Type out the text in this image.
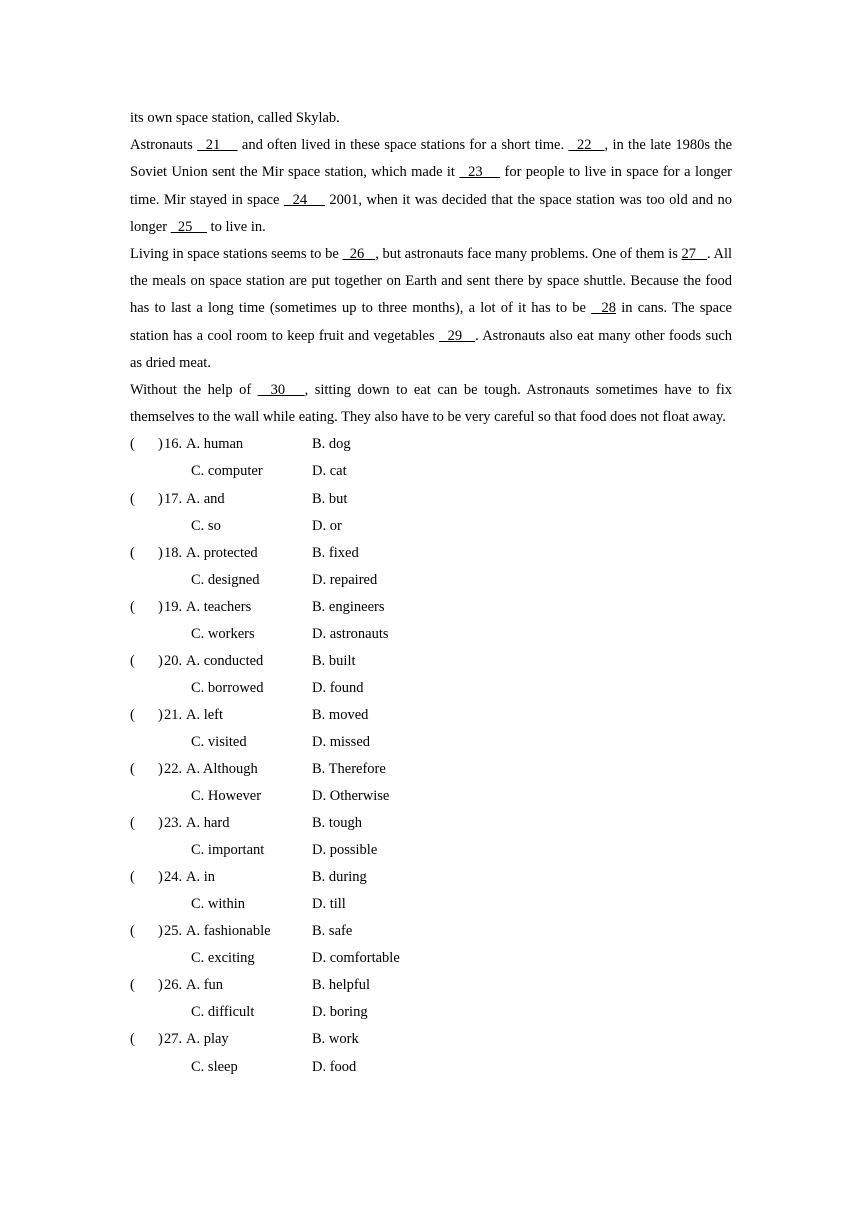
its own space station, called Skylab.

Astronauts   21     and often lived in these space stations for a short time.   22   , in the late 1980s the Soviet Union sent the Mir space station, which made it   23     for people to live in space for a longer time. Mir stayed in space   24     2001, when it was decided that the space station was too old and no longer   25     to live in.

Living in space stations seems to be   26   , but astronauts face many problems. One of them is 27   . All the meals on space station are put together on Earth and sent there by space shuttle. Because the food has to last a long time (sometimes up to three months), a lot of it has to be   28 in cans. The space station has a cool room to keep fruit and vegetables   29   . Astronauts also eat many other foods such as dried meat.

Without the help of   30   , sitting down to eat can be tough. Astronauts sometimes have to fix themselves to the wall while eating. They also have to be very careful so that food does not float away.

( ) 16. A. human	B. dog
C. computer	D. cat
( ) 17. A. and	B. but
C. so	D. or
( ) 18. A. protected	B. fixed
C. designed	D. repaired
( ) 19. A. teachers	B. engineers
C. workers	D. astronauts
( ) 20. A. conducted	B. built
C. borrowed	D. found
( ) 21. A. left	B. moved
C. visited	D. missed
( ) 22. A. Although	B. Therefore
C. However	D. Otherwise
( ) 23. A. hard	B. tough
C. important	D. possible
( ) 24. A. in	B. during
C. within	D. till
( ) 25. A. fashionable	B. safe
C. exciting	D. comfortable
( ) 26. A. fun	B. helpful
C. difficult	D. boring
( ) 27. A. play	B. work
C. sleep	D. food
